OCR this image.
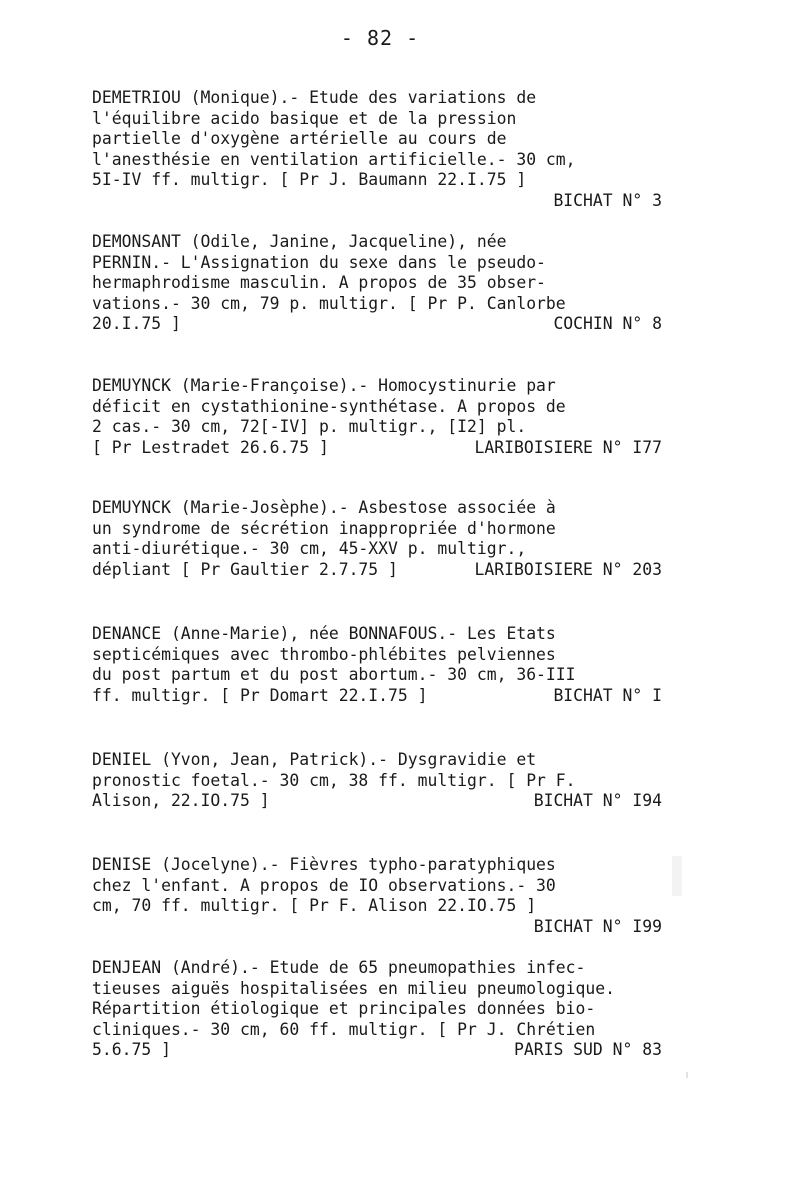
- 82 -
DEMETRIOU (Monique).- Etude des variations de
l'équilibre acido basique et de la pression
partielle d'oxygène artérielle au cours de
l'anesthésie en ventilation artificielle.- 30 cm,
5I-IV ff. multigr. [ Pr J. Baumann 22.I.75 ]
BICHAT N° 3
DEMONSANT (Odile, Janine, Jacqueline), née
PERNIN.- L'Assignation du sexe dans le pseudo-
hermaphrodisme masculin. A propos de 35 obser-
vations.- 30 cm, 79 p. multigr. [ Pr P. Canlorbe
20.I.75 ]	COCHIN N° 8
DEMUYNCK (Marie-Françoise).- Homocystinurie par
déficit en cystathionine-synthétase. A propos de
2 cas.- 30 cm, 72[-IV] p. multigr., [I2] pl.
[ Pr Lestradet 26.6.75 ]	LARIBOISIERE N° I77
DEMUYNCK (Marie-Josèphe).- Asbestose associée à
un syndrome de sécrétion inappropriée d'hormone
anti-diurétique.- 30 cm, 45-XXV p. multigr.,
dépliant [ Pr Gaultier 2.7.75 ]	LARIBOISIERE N° 203
DENANCE (Anne-Marie), née BONNAFOUS.- Les Etats
septicémiques avec thrombo-phlébites pelviennes
du post partum et du post abortum.- 30 cm, 36-III
ff. multigr. [ Pr Domart 22.I.75 ]	BICHAT N° I
DENIEL (Yvon, Jean, Patrick).- Dysgravidie et
pronostic foetal.- 30 cm, 38 ff. multigr. [ Pr F.
Alison, 22.IO.75 ]	BICHAT N° I94
DENISE (Jocelyne).- Fièvres typho-paratyphiques
chez l'enfant. A propos de IO observations.- 30
cm, 70 ff. multigr. [ Pr F. Alison 22.IO.75 ]
BICHAT N° I99
DENJEAN (André).- Etude de 65 pneumopathies infec-
tieuses aiguës hospitalisées en milieu pneumologique.
Répartition étiologique et principales données bio-
cliniques.- 30 cm, 60 ff. multigr. [ Pr J. Chrétien
5.6.75 ]	PARIS SUD N° 83
